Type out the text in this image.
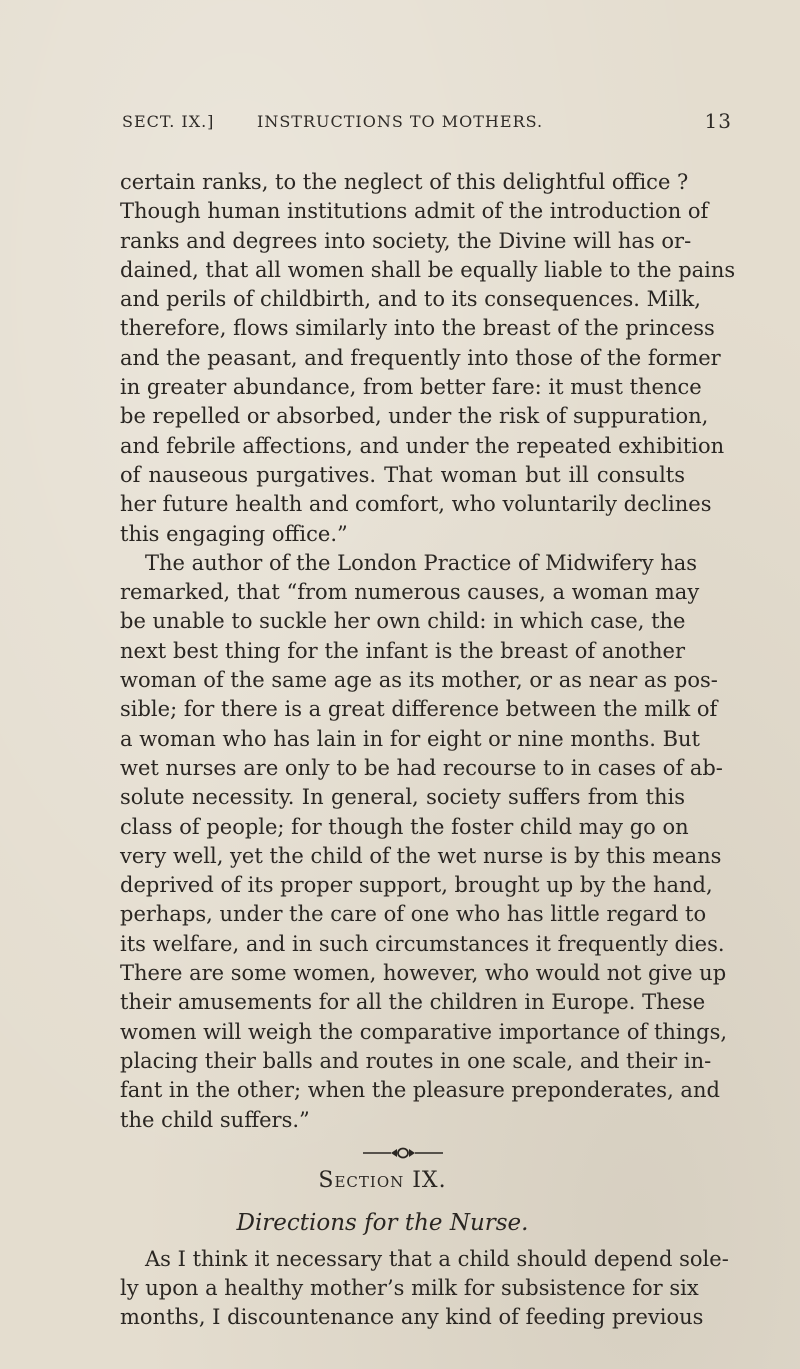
SECT. IX.]	INSTRUCTIONS TO MOTHERS.	13
certain ranks, to the neglect of this delightful office ?
Though human institutions admit of the introduction of
ranks and degrees into society, the Divine will has or-
dained, that all women shall be equally liable to the pains
and perils of childbirth, and to its consequences. Milk,
therefore, flows similarly into the breast of the princess
and the peasant, and frequently into those of the former
in greater abundance, from better fare: it must thence
be repelled or absorbed, under the risk of suppuration,
and febrile affections, and under the repeated exhibition
of nauseous purgatives. That woman but ill consults
her future health and comfort, who voluntarily declines
this engaging office.”
The author of the London Practice of Midwifery has
remarked, that “from numerous causes, a woman may
be unable to suckle her own child: in which case, the
next best thing for the infant is the breast of another
woman of the same age as its mother, or as near as pos-
sible; for there is a great difference between the milk of
a woman who has lain in for eight or nine months. But
wet nurses are only to be had recourse to in cases of ab-
solute necessity. In general, society suffers from this
class of people; for though the foster child may go on
very well, yet the child of the wet nurse is by this means
deprived of its proper support, brought up by the hand,
perhaps, under the care of one who has little regard to
its welfare, and in such circumstances it frequently dies.
There are some women, however, who would not give up
their amusements for all the children in Europe. These
women will weigh the comparative importance of things,
placing their balls and routes in one scale, and their in-
fant in the other; when the pleasure preponderates, and
the child suffers.”
Section IX.
Directions for the Nurse.
As I think it necessary that a child should depend sole-
ly upon a healthy mother’s milk for subsistence for six
months, I discountenance any kind of feeding previous
